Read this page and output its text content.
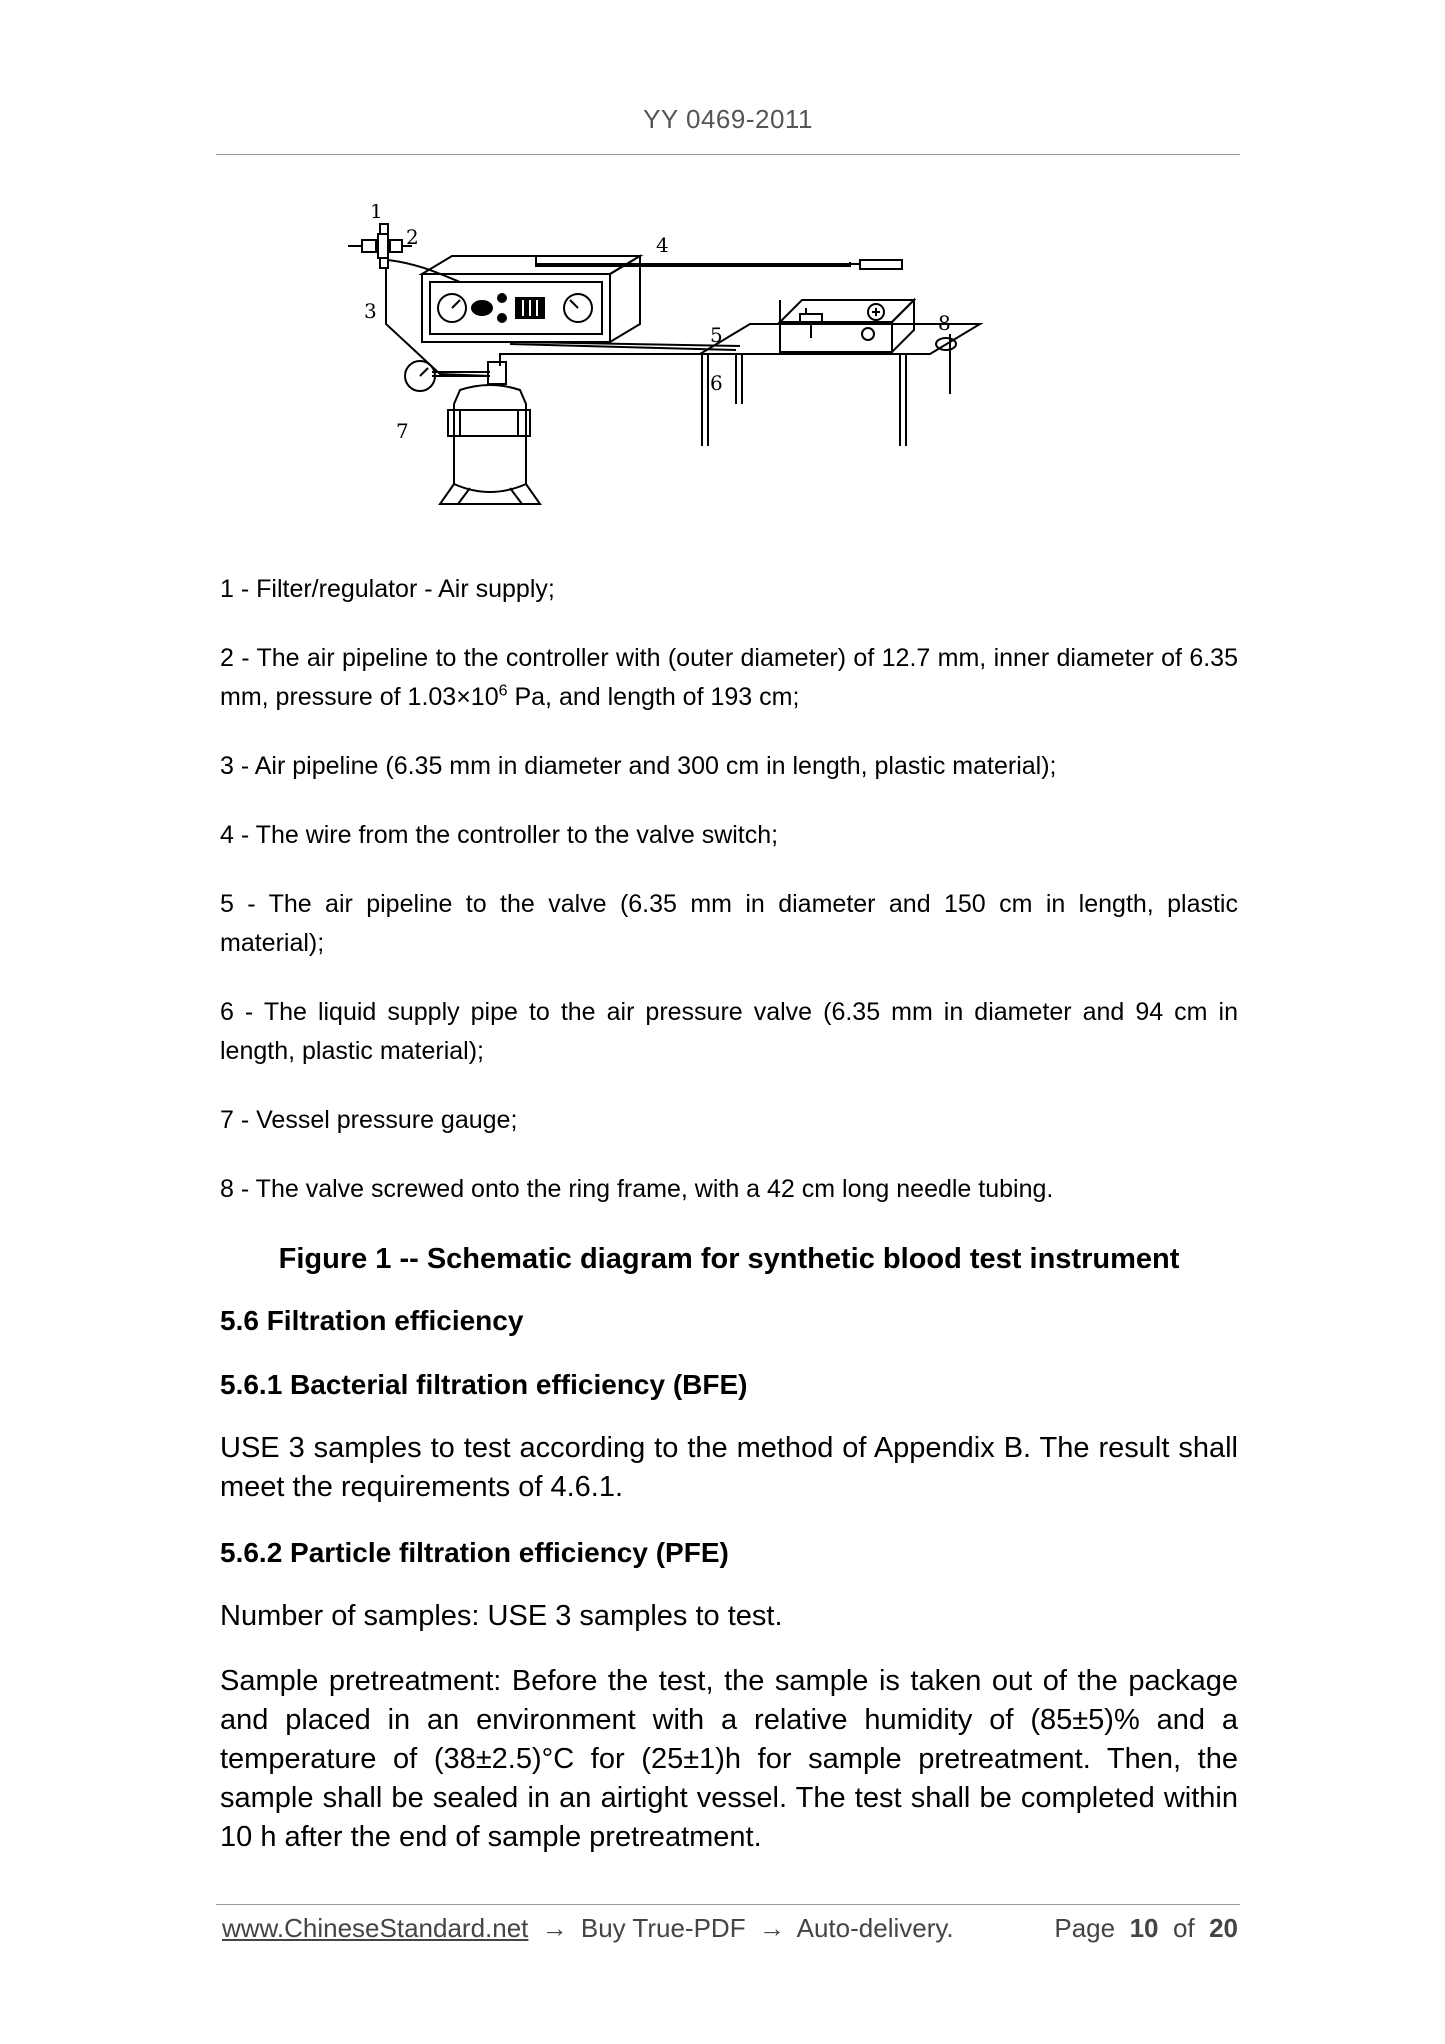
YY 0469-2011
1
2
3
4
5
6
7
8

1 - Filter/regulator - Air supply;

2 - The air pipeline to the controller with (outer diameter) of 12.7 mm, inner diameter of 6.35 mm, pressure of $1.03\times 10^6$ Pa, and length of 193 cm;

3 - Air pipeline (6.35 mm in diameter and 300 cm in length, plastic material);

4 - The wire from the controller to the valve switch;

5 - The air pipeline to the valve (6.35 mm in diameter and 150 cm in length, plastic material);

6 - The liquid supply pipe to the air pressure valve (6.35 mm in diameter and 94 cm in length, plastic material);

7 - Vessel pressure gauge;

8 - The valve screwed onto the ring frame, with a 42 cm long needle tubing.

Figure 1 -- Schematic diagram for synthetic blood test instrument
5.6 Filtration efficiency
5.6.1 Bacterial filtration efficiency (BFE)

USE 3 samples to test according to the method of Appendix B. The result shall meet the requirements of 4.6.1.

5.6.2 Particle filtration efficiency (PFE)

Number of samples: USE 3 samples to test.

Sample pretreatment: Before the test, the sample is taken out of the package and placed in an environment with a relative humidity of (85±5)% and a temperature of (38±2.5)°C for (25±1)h for sample pretreatment. Then, the sample shall be sealed in an airtight vessel. The test shall be completed within 10 h after the end of sample pretreatment.

www.ChineseStandard.net → Buy True-PDF → Auto-delivery.	Page 10 of 20
